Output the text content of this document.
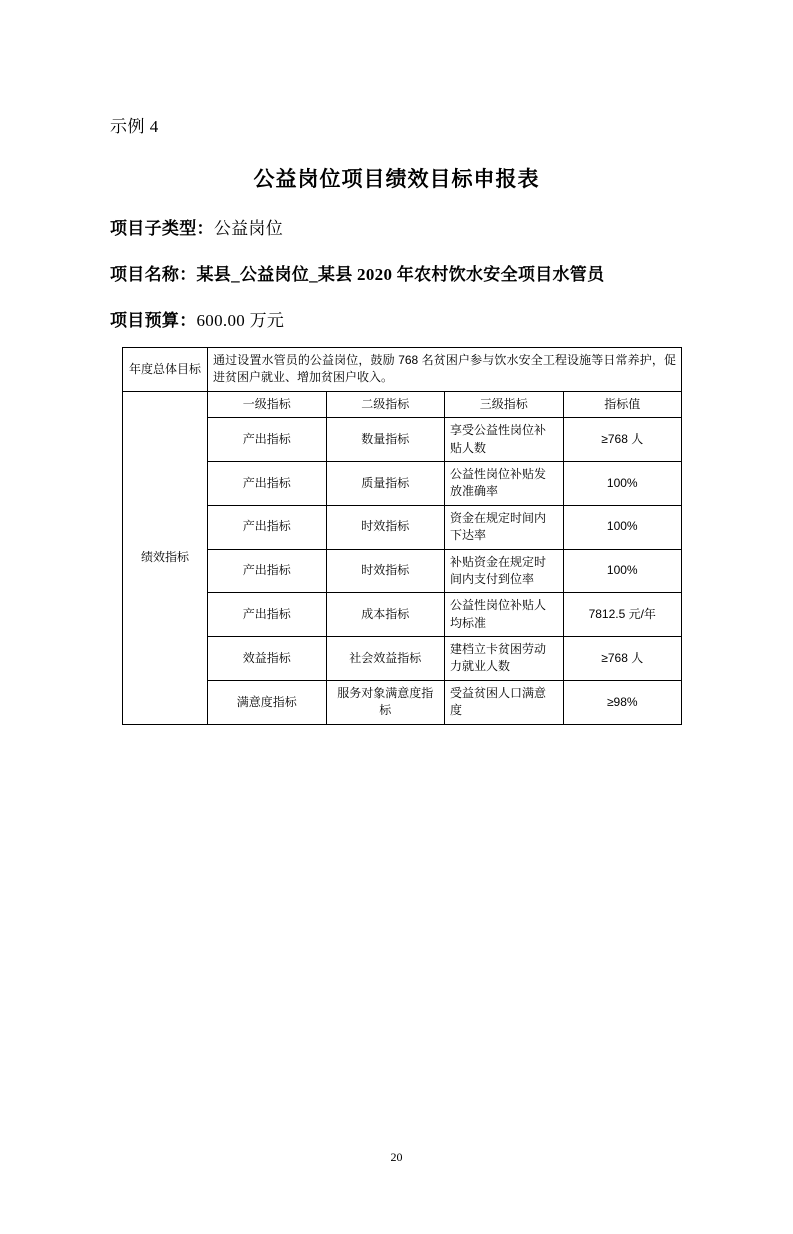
示例 4
公益岗位项目绩效目标申报表
项目子类型：公益岗位
项目名称：某县_公益岗位_某县 2020 年农村饮水安全项目水管员
项目预算：600.00 万元
年度总体目标	通过设置水管员的公益岗位，鼓励 768 名贫困户参与饮水安全工程设施等日常养护，促进贫困户就业、增加贫困户收入。			
绩效指标	一级指标	二级指标	三级指标	指标值
	产出指标	数量指标	享受公益性岗位补贴人数	≥768 人
	产出指标	质量指标	公益性岗位补贴发放准确率	100%
	产出指标	时效指标	资金在规定时间内下达率	100%
	产出指标	时效指标	补贴资金在规定时间内支付到位率	100%
	产出指标	成本指标	公益性岗位补贴人均标准	7812.5 元/年
	效益指标	社会效益指标	建档立卡贫困劳动力就业人数	≥768 人
	满意度指标	服务对象满意度指标	受益贫困人口满意度	≥98%
20
